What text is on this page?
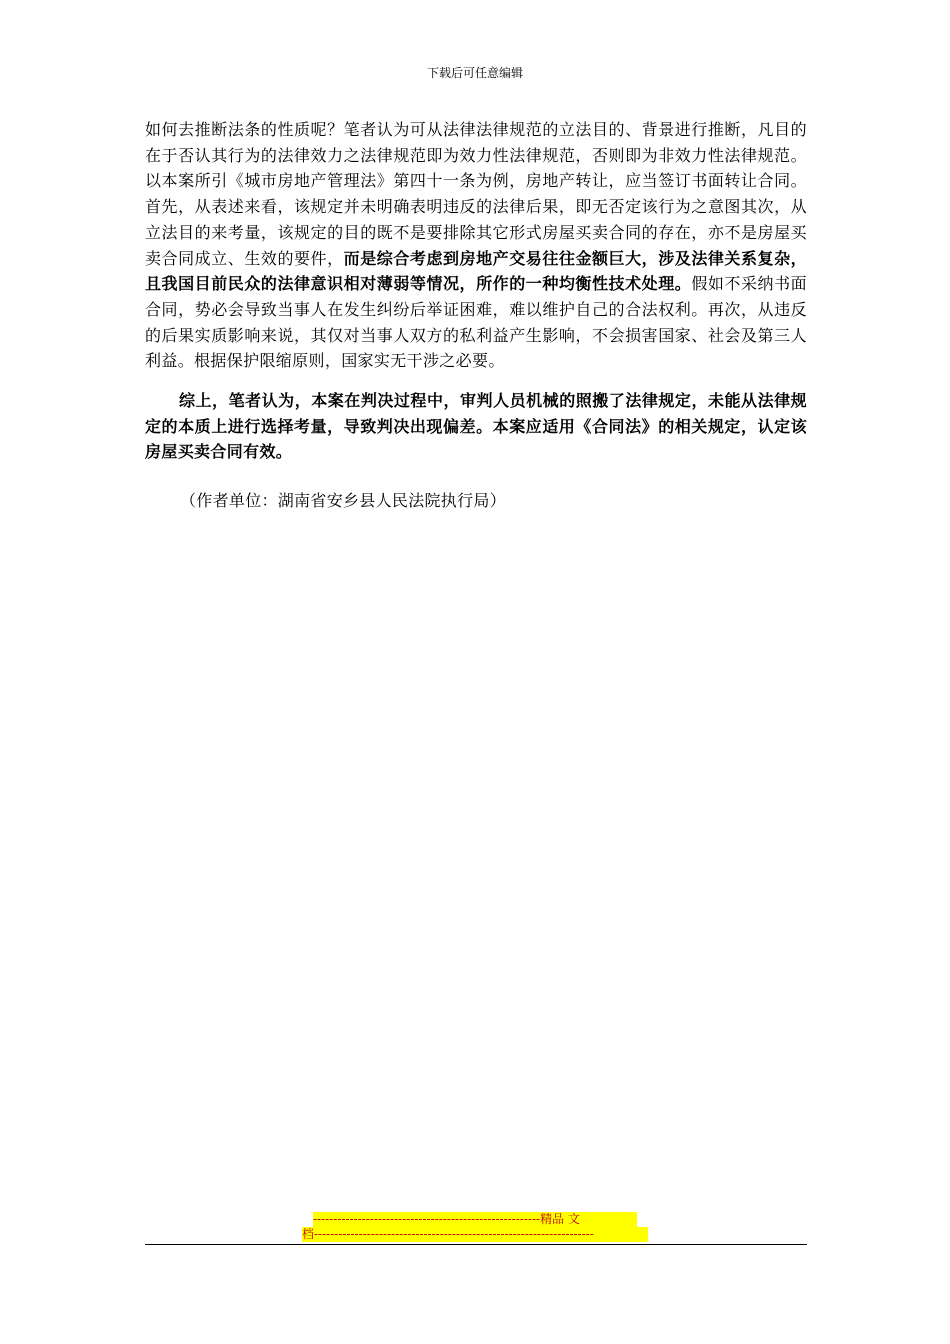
下载后可任意编辑
如何去推断法条的性质呢？笔者认为可从法律法律规范的立法目的、背景进行推断，凡目的在于否认其行为的法律效力之法律规范即为效力性法律规范，否则即为非效力性法律规范。以本案所引《城市房地产管理法》第四十一条为例，房地产转让，应当签订书面转让合同。首先，从表述来看，该规定并未明确表明违反的法律后果，即无否定该行为之意图其次，从立法目的来考量，该规定的目的既不是要排除其它形式房屋买卖合同的存在，亦不是房屋买卖合同成立、生效的要件，而是综合考虑到房地产交易往往金额巨大，涉及法律关系复杂，且我国目前民众的法律意识相对薄弱等情况，所作的一种均衡性技术处理。假如不采纳书面合同，势必会导致当事人在发生纠纷后举证困难，难以维护自己的合法权利。再次，从违反的后果实质影响来说，其仅对当事人双方的私利益产生影响，不会损害国家、社会及第三人利益。根据保护限缩原则，国家实无干涉之必要。
综上，笔者认为，本案在判决过程中，审判人员机械的照搬了法律规定，未能从法律规定的本质上进行选择考量，导致判决出现偏差。本案应适用《合同法》的相关规定，认定该房屋买卖合同有效。
（作者单位：湖南省安乡县人民法院执行局）
--------------------------------------------------------精品 文
档---------------------------------------------------------------------
